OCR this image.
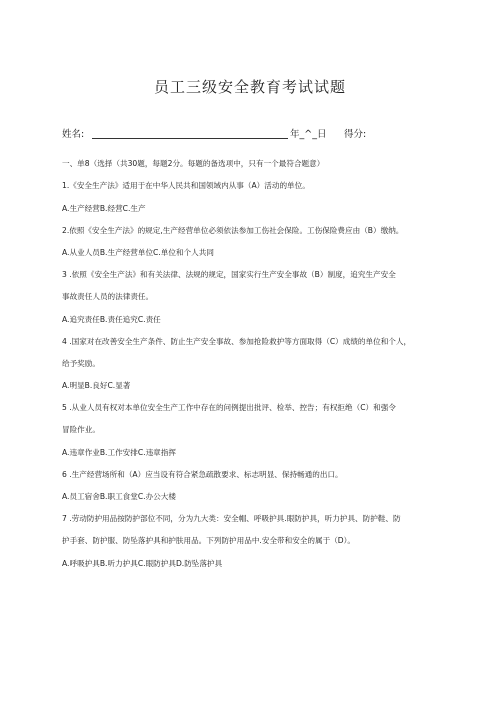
员工三级安全教育考试试题
姓名:	年_^_日 得分:
一、单8（选择（共30题，每题2分。每题的备选项中，只有一个最符合题意）
1.《安全生产法》适用于在中华人民共和国领域内从事（A）活动的单位。
A.生产经营B.经营C.生产
2.依照《安全生产法》的规定,生产经营单位必须依法参加工伤社会保险。工伤保险费应由（B）缴纳。
A.从业人员B.生产经营单位C.单位和个人共同
3 .依照《安全生产法》和有关法律、法规的规定，国家实行生产安全事故（B）制度，追究生产安全
事故责任人员的法律责任。
A.追究责任B.责任追究C.责任
4 .国家对在改善安全生产条件、防止生产安全事故、参加抢险救护等方面取得（C）成绩的单位和个人，
给予奖励。
A.明显B.良好C.显著
5 .从业人员有权对本单位安全生产工作中存在的问例提出批评、检举、控告；有权拒绝（C）和强令
冒险作业。
A.违章作业B.工作安排C.违章指挥
6 .生产经营场所和（A）应当设有符合紧急疏散要求、标志明显、保持畅通的出口。
A.员工宿舍B.职工食堂C.办公大楼
7 .劳动防护用品按防护部位不同，分为九大类：安全帽、呼吸护具.眼防护具，听力护具、防护鞋、防
护手套、防护服、防坠落护具和护肤用品。下列防护用品中.安全带和安全的属于（D）。
A.呼吸护具B.听力护具C.眼防护具D.防坠落护具
